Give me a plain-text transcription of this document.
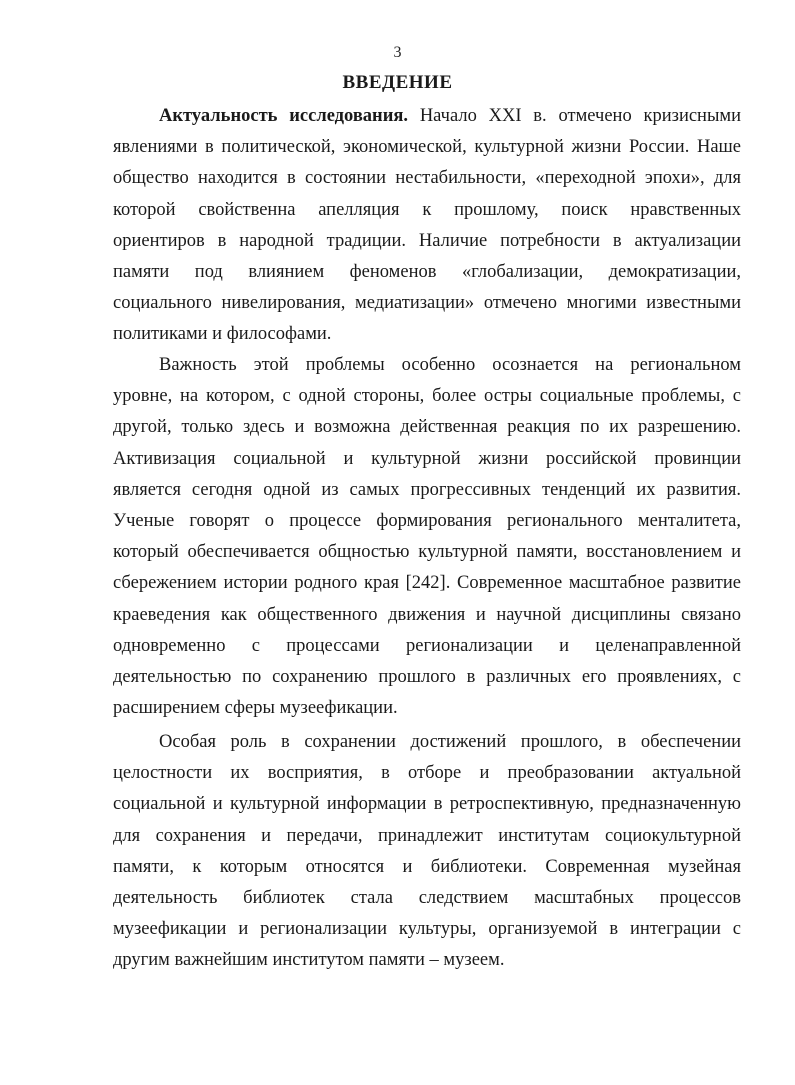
3
ВВЕДЕНИЕ
Актуальность исследования. Начало XXI в. отмечено кризисными
явлениями в политической, экономической, культурной жизни России. Наше
общество находится в состоянии нестабильности, «переходной эпохи», для
которой свойственна апелляция к прошлому, поиск нравственных
ориентиров в народной традиции. Наличие потребности в актуализации
памяти под влиянием феноменов «глобализации, демократизации,
социального нивелирования, медиатизации» отмечено многими известными
политиками и философами.
Важность этой проблемы особенно осознается на региональном
уровне, на котором, с одной стороны, более остры социальные проблемы, с
другой, только здесь и возможна действенная реакция по их разрешению.
Активизация социальной и культурной жизни российской провинции
является сегодня одной из самых прогрессивных тенденций их развития.
Ученые говорят о процессе формирования регионального менталитета,
который обеспечивается общностью культурной памяти, восстановлением и
сбережением истории родного края [242]. Современное масштабное развитие
краеведения как общественного движения и научной дисциплины связано
одновременно с процессами регионализации и целенаправленной
деятельностью по сохранению прошлого в различных его проявлениях, с
расширением сферы музеефикации.
Особая роль в сохранении достижений прошлого, в обеспечении
целостности их восприятия, в отборе и преобразовании актуальной
социальной и культурной информации в ретроспективную, предназначенную
для сохранения и передачи, принадлежит институтам социокультурной
памяти, к которым относятся и библиотеки. Современная музейная
деятельность библиотек стала следствием масштабных процессов
музеефикации и регионализации культуры, организуемой в интеграции с
другим важнейшим институтом памяти – музеем.
